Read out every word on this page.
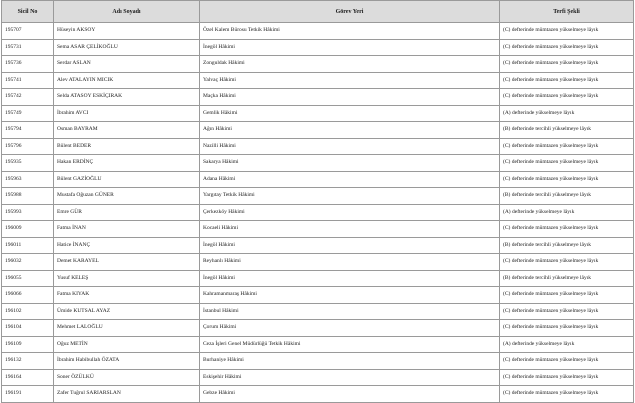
Sicil No	Adı Soyadı	Görev Yeri	Terfi Şekli
195707	Hüseyin AKSOY	Özel Kalem Bürosu Tetkik Hâkimi	(C) defterinde mümtazen yükselmeye lâyık
195731	Sema ASAR ÇELİKOĞLU	İnegöl Hâkimi	(C) defterinde mümtazen yükselmeye lâyık
195736	Serdar ASLAN	Zonguldak Hâkimi	(C) defterinde mümtazen yükselmeye lâyık
195741	Alev ATALAYIN MICIK	Yalvaç Hâkimi	(C) defterinde mümtazen yükselmeye lâyık
195742	Selda ATASOY ESKİÇIRAK	Maçka Hâkimi	(C) defterinde mümtazen yükselmeye lâyık
195749	İbrahim AVCI	Gemlik Hâkimi	(A) defterinde yükselmeye lâyık
195794	Osman BAYRAM	Ağın Hâkimi	(B) defterinde tercihli yükselmeye lâyık
195796	Bülent BEDER	Nazilli Hâkimi	(C) defterinde mümtazen yükselmeye lâyık
195935	Hakan ERDİNÇ	Sakarya Hâkimi	(C) defterinde mümtazen yükselmeye lâyık
195963	Bülent GAZİOĞLU	Adana Hâkimi	(C) defterinde mümtazen yükselmeye lâyık
195988	Mustafa Oğuzan GÜNER	Yargıtay Tetkik Hâkimi	(B) defterinde tercihli yükselmeye lâyık
195993	Emre GÜR	Çerkezköy Hâkimi	(A) defterinde yükselmeye lâyık
196009	Fatma İNAN	Kocaeli Hâkimi	(C) defterinde mümtazen yükselmeye lâyık
196011	Hatice İNANÇ	İnegöl Hâkimi	(B) defterinde tercihli yükselmeye lâyık
196032	Demet KARAYEL	Reyhanlı Hâkimi	(C) defterinde mümtazen yükselmeye lâyık
196055	Yusuf KELEŞ	İnegöl Hâkimi	(B) defterinde tercihli yükselmeye lâyık
196066	Fatma KIYAK	Kahramanmaraş Hâkimi	(C) defterinde mümtazen yükselmeye lâyık
196102	Ümide KUTSAL AYAZ	İstanbul Hâkimi	(C) defterinde mümtazen yükselmeye lâyık
196104	Mehmet LALOĞLU	Çorum Hâkimi	(C) defterinde mümtazen yükselmeye lâyık
196109	Oğuz METİN	Ceza İşleri Genel Müdürlüğü Tetkik Hâkimi	(A) defterinde yükselmeye lâyık
196132	İbrahim Habibullah ÖZATA	Burhaniye Hâkimi	(C) defterinde mümtazen yükselmeye lâyık
196164	Soner ÖZÜLKÜ	Eskişehir Hâkimi	(C) defterinde mümtazen yükselmeye lâyık
196191	Zafer Tuğrul SARIARSLAN	Gebze Hâkimi	(C) defterinde mümtazen yükselmeye lâyık
